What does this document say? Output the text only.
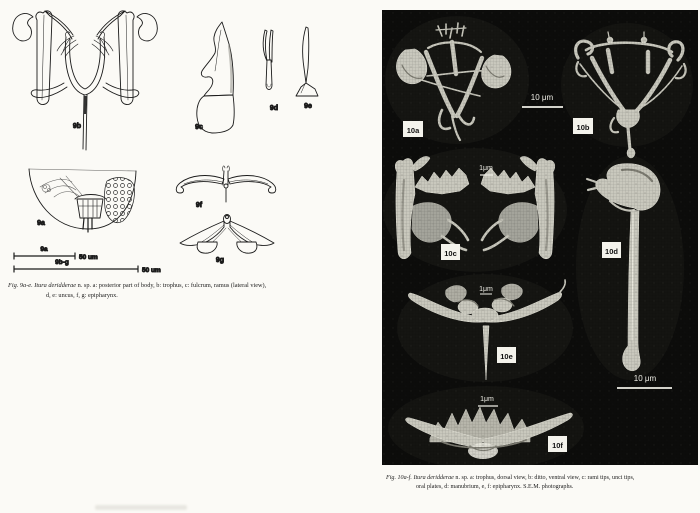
9b	9c
9d	9e
9a
9a
50 um
9b-g
50 um
9f
9g
Fig. 9a-e. Itura deridderae n. sp. a: posterior part of body, b: trophus, c: fulcrum, ramus (lateral view),
d, e: uncus, f, g: epipharynx.
10 μm
1μm
10 μm
1μm
1μm
10a	10b
10c	10d
10e
10f
Fig. 10a-f. Itura deridderae n. sp. a: trophus, dorsal view, b: ditto, ventral view, c: rami tips, unci tips,
oral plates, d: manubrium, e, f: epipharynx. S.E.M. photographs.
